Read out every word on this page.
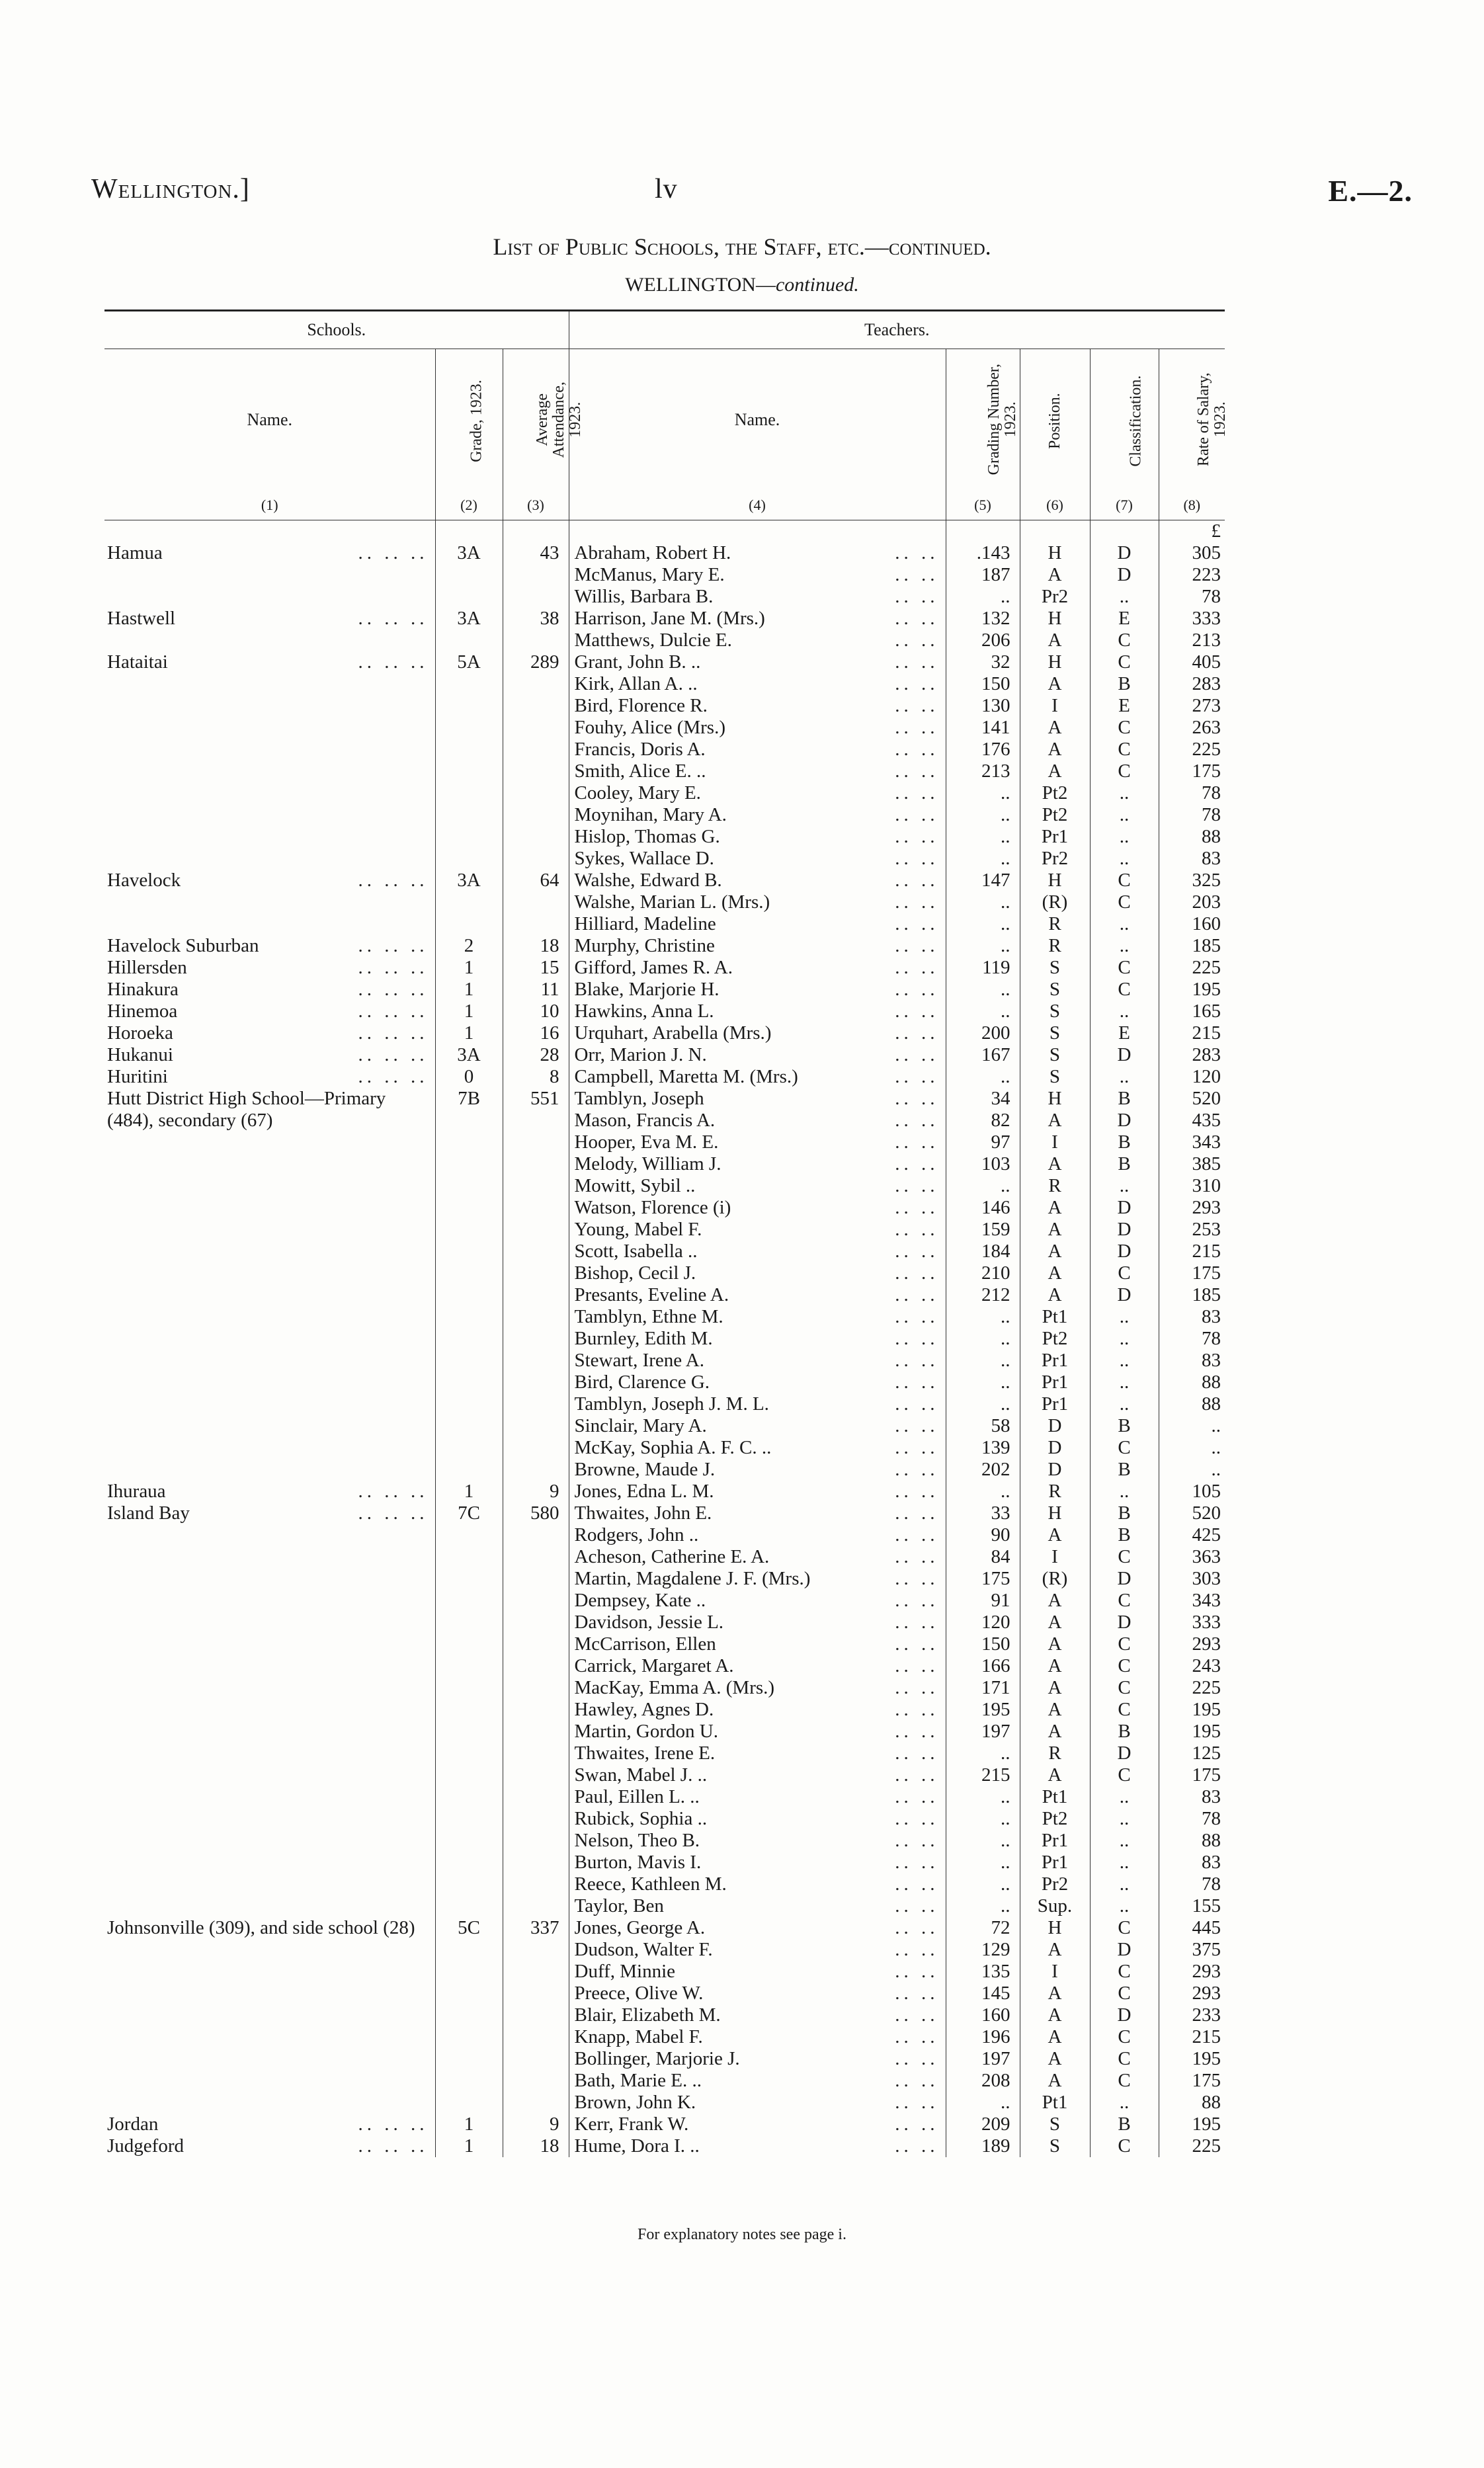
Wellington.]	lv	E.—2.
List of Public Schools, the Staff, etc.—continued.
WELLINGTON—continued.
Schools.			Teachers.				
Name.	Grade, 1923.	Average Attendance, 1923.	Name.	Grading Number, 1923.	Position.	Classification.	Rate of Salary, 1923.
(1)	(2)	(3)	(4)	(5)	(6)	(7)	(8)
							£
Hamua .. .. ..	3A	43	Abraham, Robert H. .. ..	.143	H	D	305
			McManus, Mary E. .. ..	187	A	D	223
			Willis, Barbara B. .. ..	..	Pr2	..	78
Hastwell .. .. ..	3A	38	Harrison, Jane M. (Mrs.) .. ..	132	H	E	333
			Matthews, Dulcie E. .. ..	206	A	C	213
Hataitai .. .. ..	5A	289	Grant, John B. .. .. ..	32	H	C	405
			Kirk, Allan A. .. .. ..	150	A	B	283
			Bird, Florence R. .. ..	130	I	E	273
			Fouhy, Alice (Mrs.) .. ..	141	A	C	263
			Francis, Doris A. .. ..	176	A	C	225
			Smith, Alice E. .. .. ..	213	A	C	175
			Cooley, Mary E. .. ..	..	Pt2	..	78
			Moynihan, Mary A. .. ..	..	Pt2	..	78
			Hislop, Thomas G. .. ..	..	Pr1	..	88
			Sykes, Wallace D. .. ..	..	Pr2	..	83
Havelock .. .. ..	3A	64	Walshe, Edward B. .. ..	147	H	C	325
			Walshe, Marian L. (Mrs.) .. ..	..	(R)	C	203
			Hilliard, Madeline .. ..	..	R	..	160
Havelock Suburban .. .. ..	2	18	Murphy, Christine .. ..	..	R	..	185
Hillersden .. .. ..	1	15	Gifford, James R. A. .. ..	119	S	C	225
Hinakura .. .. ..	1	11	Blake, Marjorie H. .. ..	..	S	C	195
Hinemoa .. .. ..	1	10	Hawkins, Anna L. .. ..	..	S	..	165
Horoeka .. .. ..	1	16	Urquhart, Arabella (Mrs.) .. ..	200	S	E	215
Hukanui .. .. ..	3A	28	Orr, Marion J. N. .. ..	167	S	D	283
Huritini .. .. ..	0	8	Campbell, Maretta M. (Mrs.) .. ..	..	S	..	120

Hutt District High School—Primary (484), secondary (67)	7B	551	Tamblyn, Joseph .. ..	34	H	B	520
			Mason, Francis A. .. ..	82	A	D	435
			Hooper, Eva M. E. .. ..	97	I	B	343
			Melody, William J. .. ..	103	A	B	385
			Mowitt, Sybil .. .. ..	..	R	..	310
			Watson, Florence (i) .. ..	146	A	D	293
			Young, Mabel F. .. ..	159	A	D	253
			Scott, Isabella .. .. ..	184	A	D	215
			Bishop, Cecil J. .. ..	210	A	C	175
			Presants, Eveline A. .. ..	212	A	D	185
			Tamblyn, Ethne M. .. ..	..	Pt1	..	83
			Burnley, Edith M. .. ..	..	Pt2	..	78
			Stewart, Irene A. .. ..	..	Pr1	..	83
			Bird, Clarence G. .. ..	..	Pr1	..	88
			Tamblyn, Joseph J. M. L. .. ..	..	Pr1	..	88
			Sinclair, Mary A. .. ..	58	D	B	..
			McKay, Sophia A. F. C. .. .. ..	139	D	C	..
			Browne, Maude J. .. ..	202	D	B	..
Ihuraua .. .. ..	1	9	Jones, Edna L. M. .. ..	..	R	..	105
Island Bay .. .. ..	7C	580	Thwaites, John E. .. ..	33	H	B	520
			Rodgers, John .. .. ..	90	A	B	425
			Acheson, Catherine E. A. .. ..	84	I	C	363
			Martin, Magdalene J. F. (Mrs.) .. ..	175	(R)	D	303
			Dempsey, Kate .. .. ..	91	A	C	343
			Davidson, Jessie L. .. ..	120	A	D	333
			McCarrison, Ellen .. ..	150	A	C	293
			Carrick, Margaret A. .. ..	166	A	C	243
			MacKay, Emma A. (Mrs.) .. ..	171	A	C	225
			Hawley, Agnes D. .. ..	195	A	C	195
			Martin, Gordon U. .. ..	197	A	B	195
			Thwaites, Irene E. .. ..	..	R	D	125
			Swan, Mabel J. .. .. ..	215	A	C	175
			Paul, Eillen L. .. .. ..	..	Pt1	..	83
			Rubick, Sophia .. .. ..	..	Pt2	..	78
			Nelson, Theo B. .. ..	..	Pr1	..	88
			Burton, Mavis I. .. ..	..	Pr1	..	83
			Reece, Kathleen M. .. ..	..	Pr2	..	78
			Taylor, Ben .. ..	..	Sup.	..	155

Johnsonville (309), and side school (28)	5C	337	Jones, George A. .. ..	72	H	C	445
			Dudson, Walter F. .. ..	129	A	D	375
			Duff, Minnie .. ..	135	I	C	293
			Preece, Olive W. .. ..	145	A	C	293
			Blair, Elizabeth M. .. ..	160	A	D	233
			Knapp, Mabel F. .. ..	196	A	C	215
			Bollinger, Marjorie J. .. ..	197	A	C	195
			Bath, Marie E. .. .. ..	208	A	C	175
			Brown, John K. .. ..	..	Pt1	..	88
Jordan .. .. ..	1	9	Kerr, Frank W. .. ..	209	S	B	195
Judgeford .. .. ..	1	18	Hume, Dora I. .. .. ..	189	S	C	225
For explanatory notes see page i.
